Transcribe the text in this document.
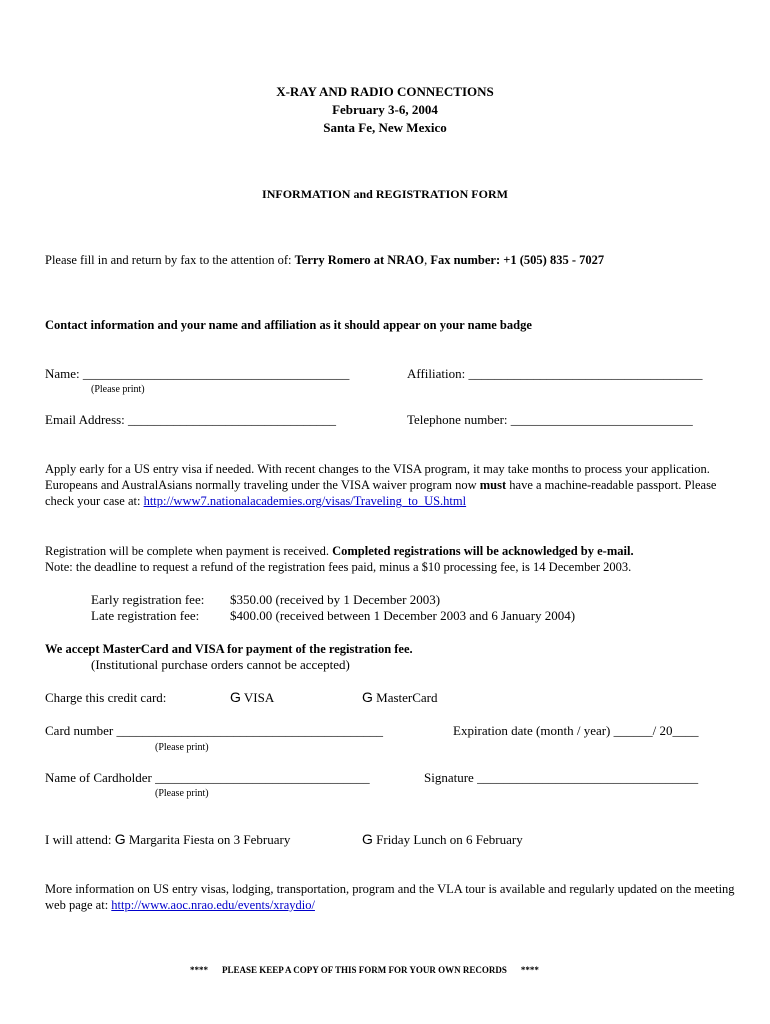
X-RAY AND RADIO CONNECTIONS
February 3-6, 2004
Santa Fe, New Mexico
INFORMATION and REGISTRATION FORM
Please fill in and return by fax to the attention of: Terry Romero at NRAO, Fax number: +1 (505) 835 - 7027
Contact information and your name and affiliation as it should appear on your name badge
Name: _________________________________________
(Please print)
Affiliation: ____________________________________
Email Address: ________________________________	Telephone number: ____________________________
Apply early for a US entry visa if needed. With recent changes to the VISA program, it may take months to process your application. Europeans and AustralAsians normally traveling under the VISA waiver program now must have a machine-readable passport. Please check your case at: http://www7.nationalacademies.org/visas/Traveling_to_US.html
Registration will be complete when payment is received. Completed registrations will be acknowledged by e-mail.
Note: the deadline to request a refund of the registration fees paid, minus a $10 processing fee, is 14 December 2003.
Early registration fee: $350.00 (received by 1 December 2003)
Late registration fee: $400.00 (received between 1 December 2003 and 6 January 2004)
We accept MasterCard and VISA for payment of the registration fee.
(Institutional purchase orders cannot be accepted)
Charge this credit card:	G VISA	G MasterCard
Card number _________________________________________
(Please print)
Expiration date (month / year) ______/ 20____
Name of Cardholder _________________________________
(Please print)
Signature __________________________________
I will attend: G Margarita Fiesta on 3 February	G Friday Lunch on 6 February
More information on US entry visas, lodging, transportation, program and the VLA tour is available and regularly updated on the meeting web page at: http://www.aoc.nrao.edu/events/xraydio/
**** PLEASE KEEP A COPY OF THIS FORM FOR YOUR OWN RECORDS ****
